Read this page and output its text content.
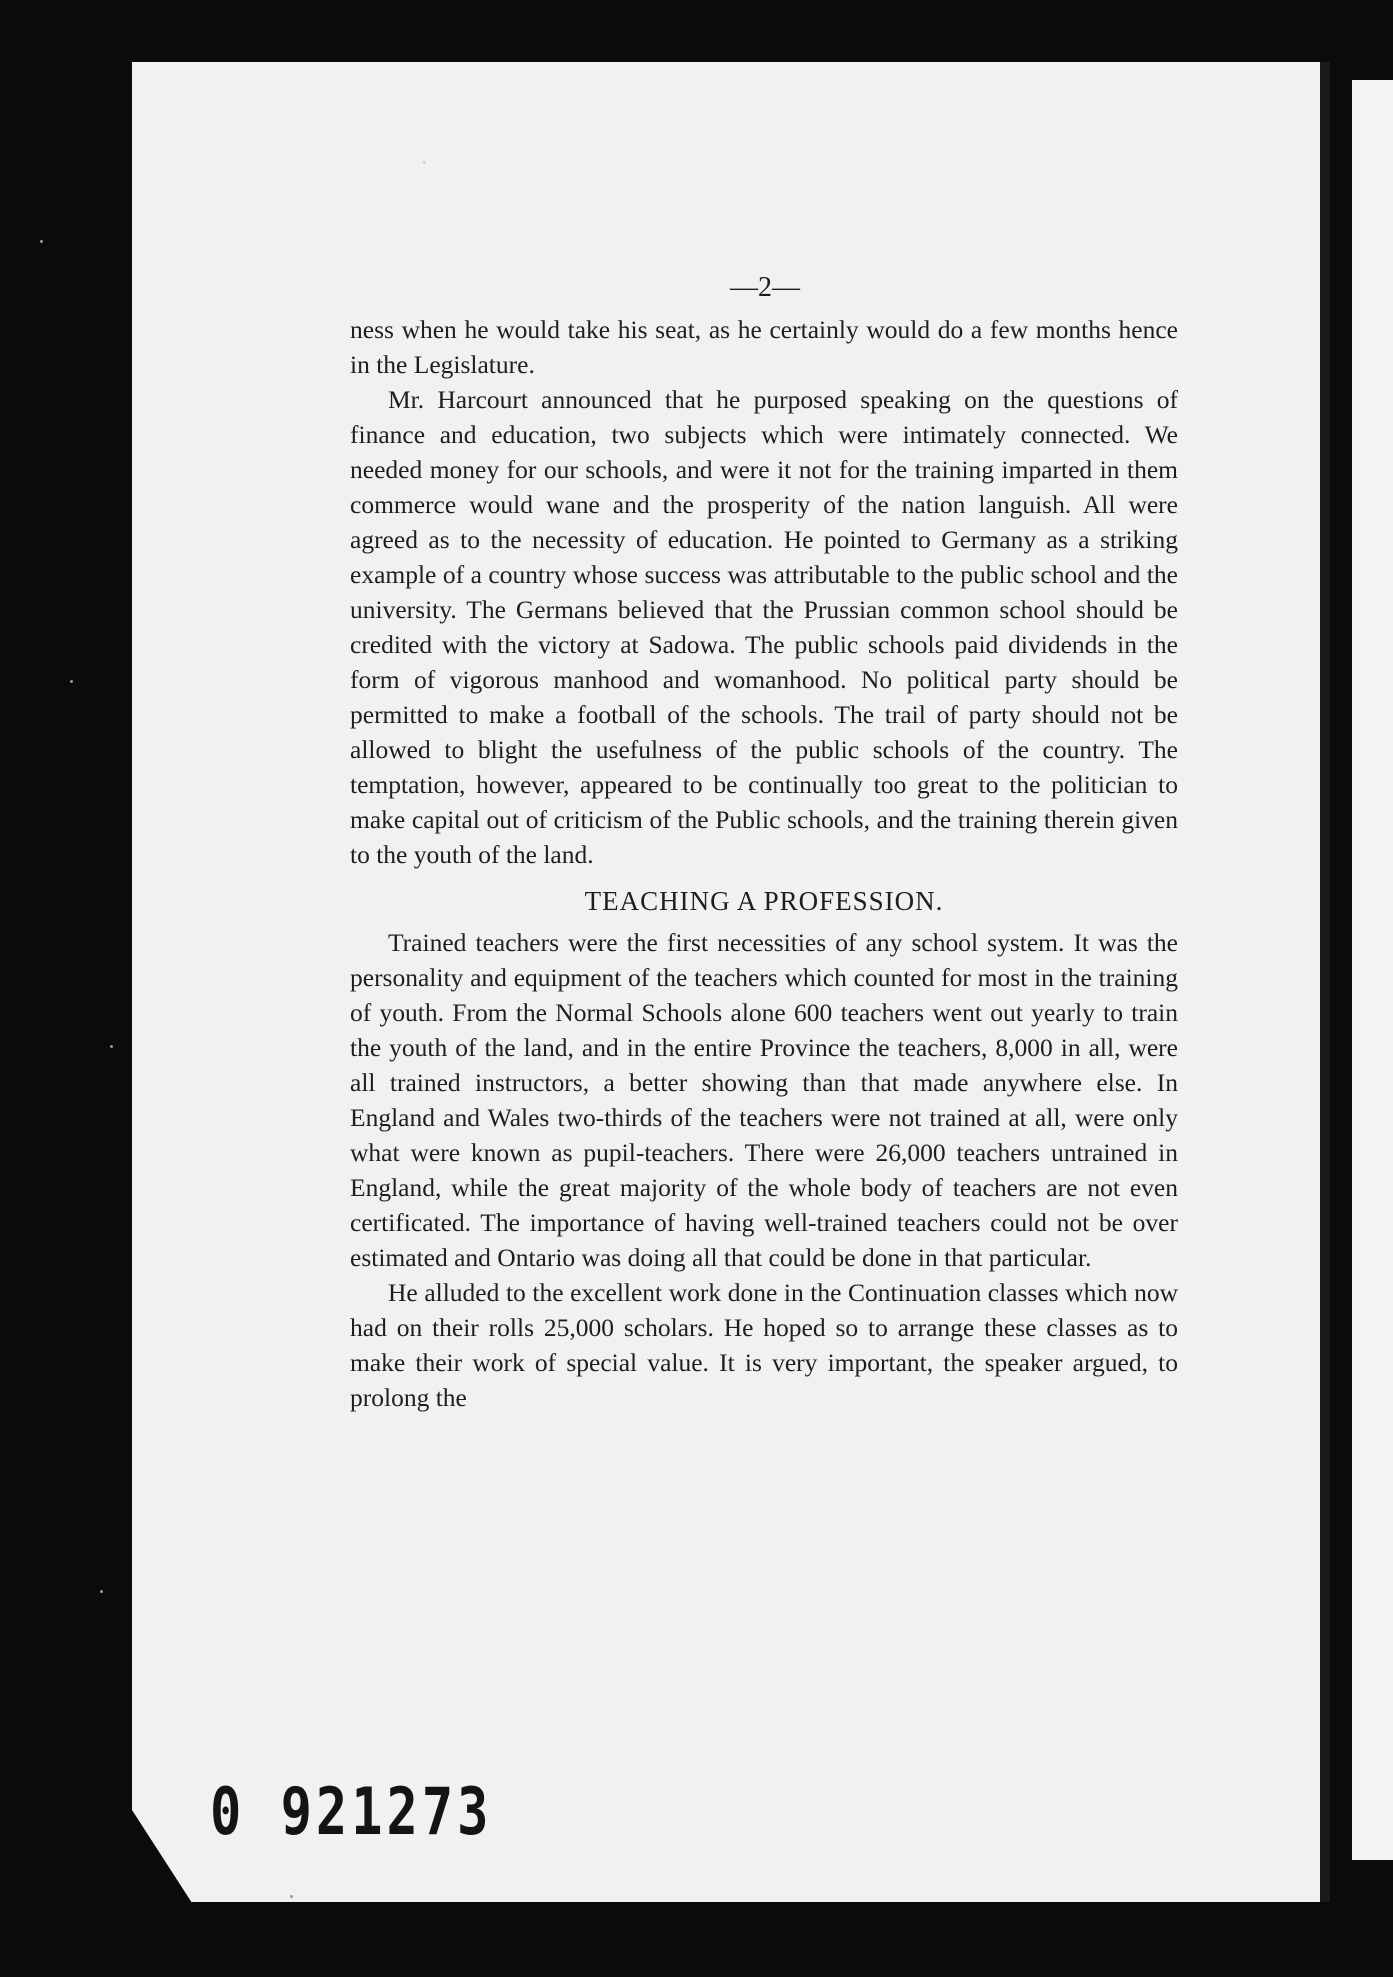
·​
—2—

ness when he would take his seat, as he certainly would do a few months hence in the Legislature.

Mr. Harcourt announced that he purposed speaking on the questions of finance and education, two subjects which were intimately connected. We needed money for our schools, and were it not for the training imparted in them commerce would wane and the prosperity of the nation languish. All were agreed as to the necessity of education. He pointed to Germany as a striking example of a country whose success was attributable to the public school and the university. The Germans believed that the Prussian common school should be credited with the victory at Sadowa. The public schools paid dividends in the form of vigorous manhood and womanhood. No political party should be permitted to make a football of the schools. The trail of party should not be allowed to blight the usefulness of the public schools of the country. The temptation, however, appeared to be continually too great to the politician to make capital out of criticism of the Public schools, and the training therein given to the youth of the land.

TEACHING A PROFESSION.

Trained teachers were the first necessities of any school system. It was the personality and equipment of the teachers which counted for most in the training of youth. From the Normal Schools alone 600 teachers went out yearly to train the youth of the land, and in the entire Province the teachers, 8,000 in all, were all trained instructors, a better showing than that made anywhere else. In England and Wales two-thirds of the teachers were not trained at all, were only what were known as pupil-teachers. There were 26,000 teachers untrained in England, while the great majority of the whole body of teachers are not even certificated. The importance of having well-trained teachers could not be over estimated and Ontario was doing all that could be done in that particular.

He alluded to the excellent work done in the Continuation classes which now had on their rolls 25,000 scholars. He hoped so to arrange these classes as to make their work of special value. It is very important, the speaker argued, to prolong the

0 921273
